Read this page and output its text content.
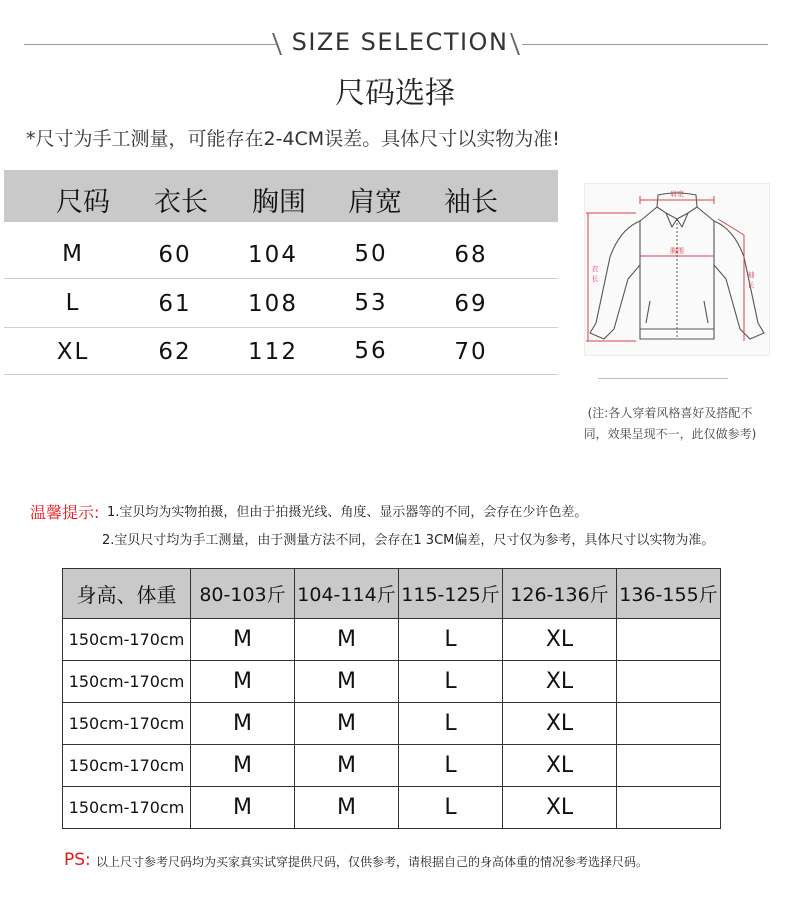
SIZE SELECTION
尺码选择
*尺寸为手工测量，可能存在2-4CM误差。具体尺寸以实物为准!
尺码	衣长	胸围	肩宽	袖长
M	60	104	50	68
L	61	108	53	69
XL	62	112	56	70
肩宽
胸围
衣
长	袖
长
(注:各人穿着风格喜好及搭配不
同，效果呈现不一，此仅做参考)
温馨提示: 1.宝贝均为实物拍摄，但由于拍摄光线、角度、显示器等的不同，会存在少许色差。
2.宝贝尺寸均为手工测量，由于测量方法不同，会存在1 3CM偏差，尺寸仅为参考，具体尺寸以实物为准。
身高、体重	80-103斤	104-114斤	115-125斤	126-136斤	136-155斤
150cm-170cm	M	M	L	XL	
150cm-170cm	M	M	L	XL	
150cm-170cm	M	M	L	XL	
150cm-170cm	M	M	L	XL	
150cm-170cm	M	M	L	XL	
PS: 以上尺寸参考尺码均为买家真实试穿提供尺码，仅供参考，请根据自己的身高体重的情况参考选择尺码。
